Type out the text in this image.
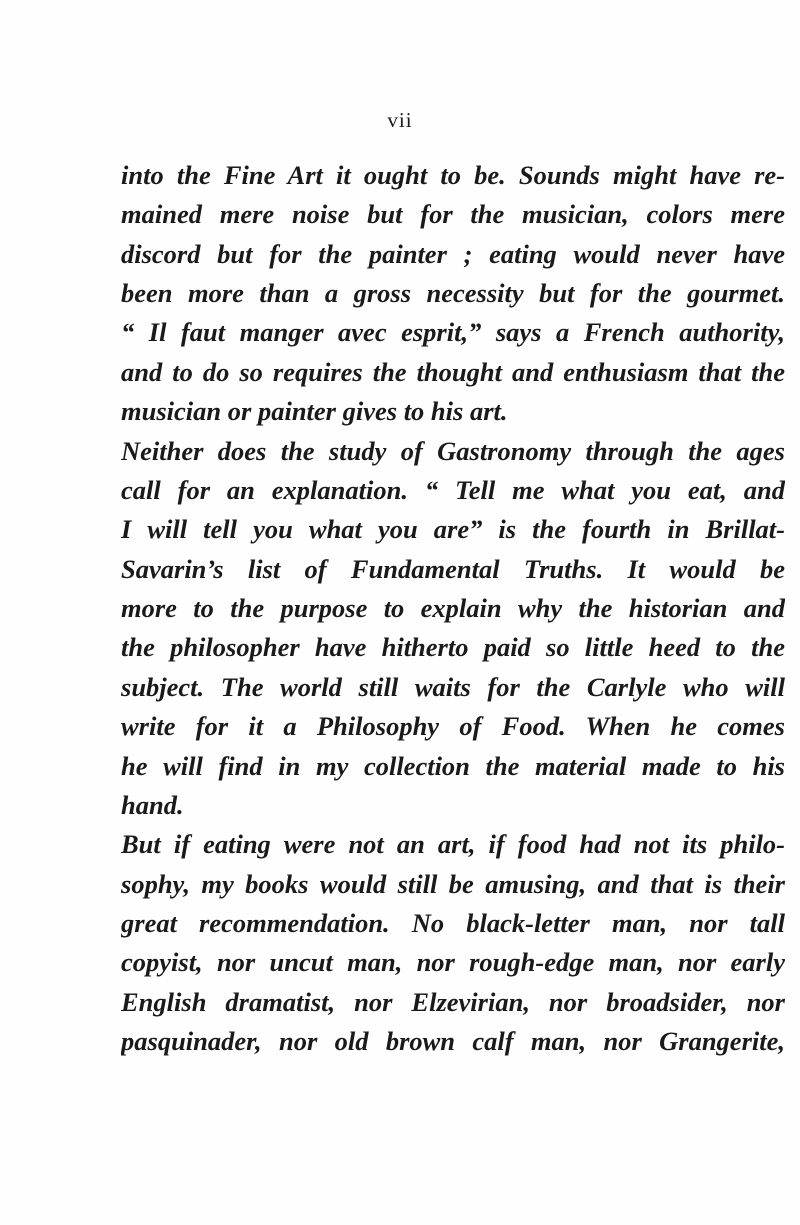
vii
into the Fine Art it ought to be. Sounds might have re-
mained mere noise but for the musician, colors mere
discord but for the painter ; eating would never have
been more than a gross necessity but for the gourmet.
“ Il faut manger avec esprit,” says a French authority,
and to do so requires the thought and enthusiasm that the
musician or painter gives to his art.
Neither does the study of Gastronomy through the ages
call for an explanation. “ Tell me what you eat, and
I will tell you what you are” is the fourth in Brillat-
Savarin’s list of Fundamental Truths. It would be
more to the purpose to explain why the historian and
the philosopher have hitherto paid so little heed to the
subject. The world still waits for the Carlyle who will
write for it a Philosophy of Food. When he comes
he will find in my collection the material made to his
hand.
But if eating were not an art, if food had not its philo-
sophy, my books would still be amusing, and that is their
great recommendation. No black-letter man, nor tall
copyist, nor uncut man, nor rough-edge man, nor early
English dramatist, nor Elzevirian, nor broadsider, nor
pasquinader, nor old brown calf man, nor Grangerite,
